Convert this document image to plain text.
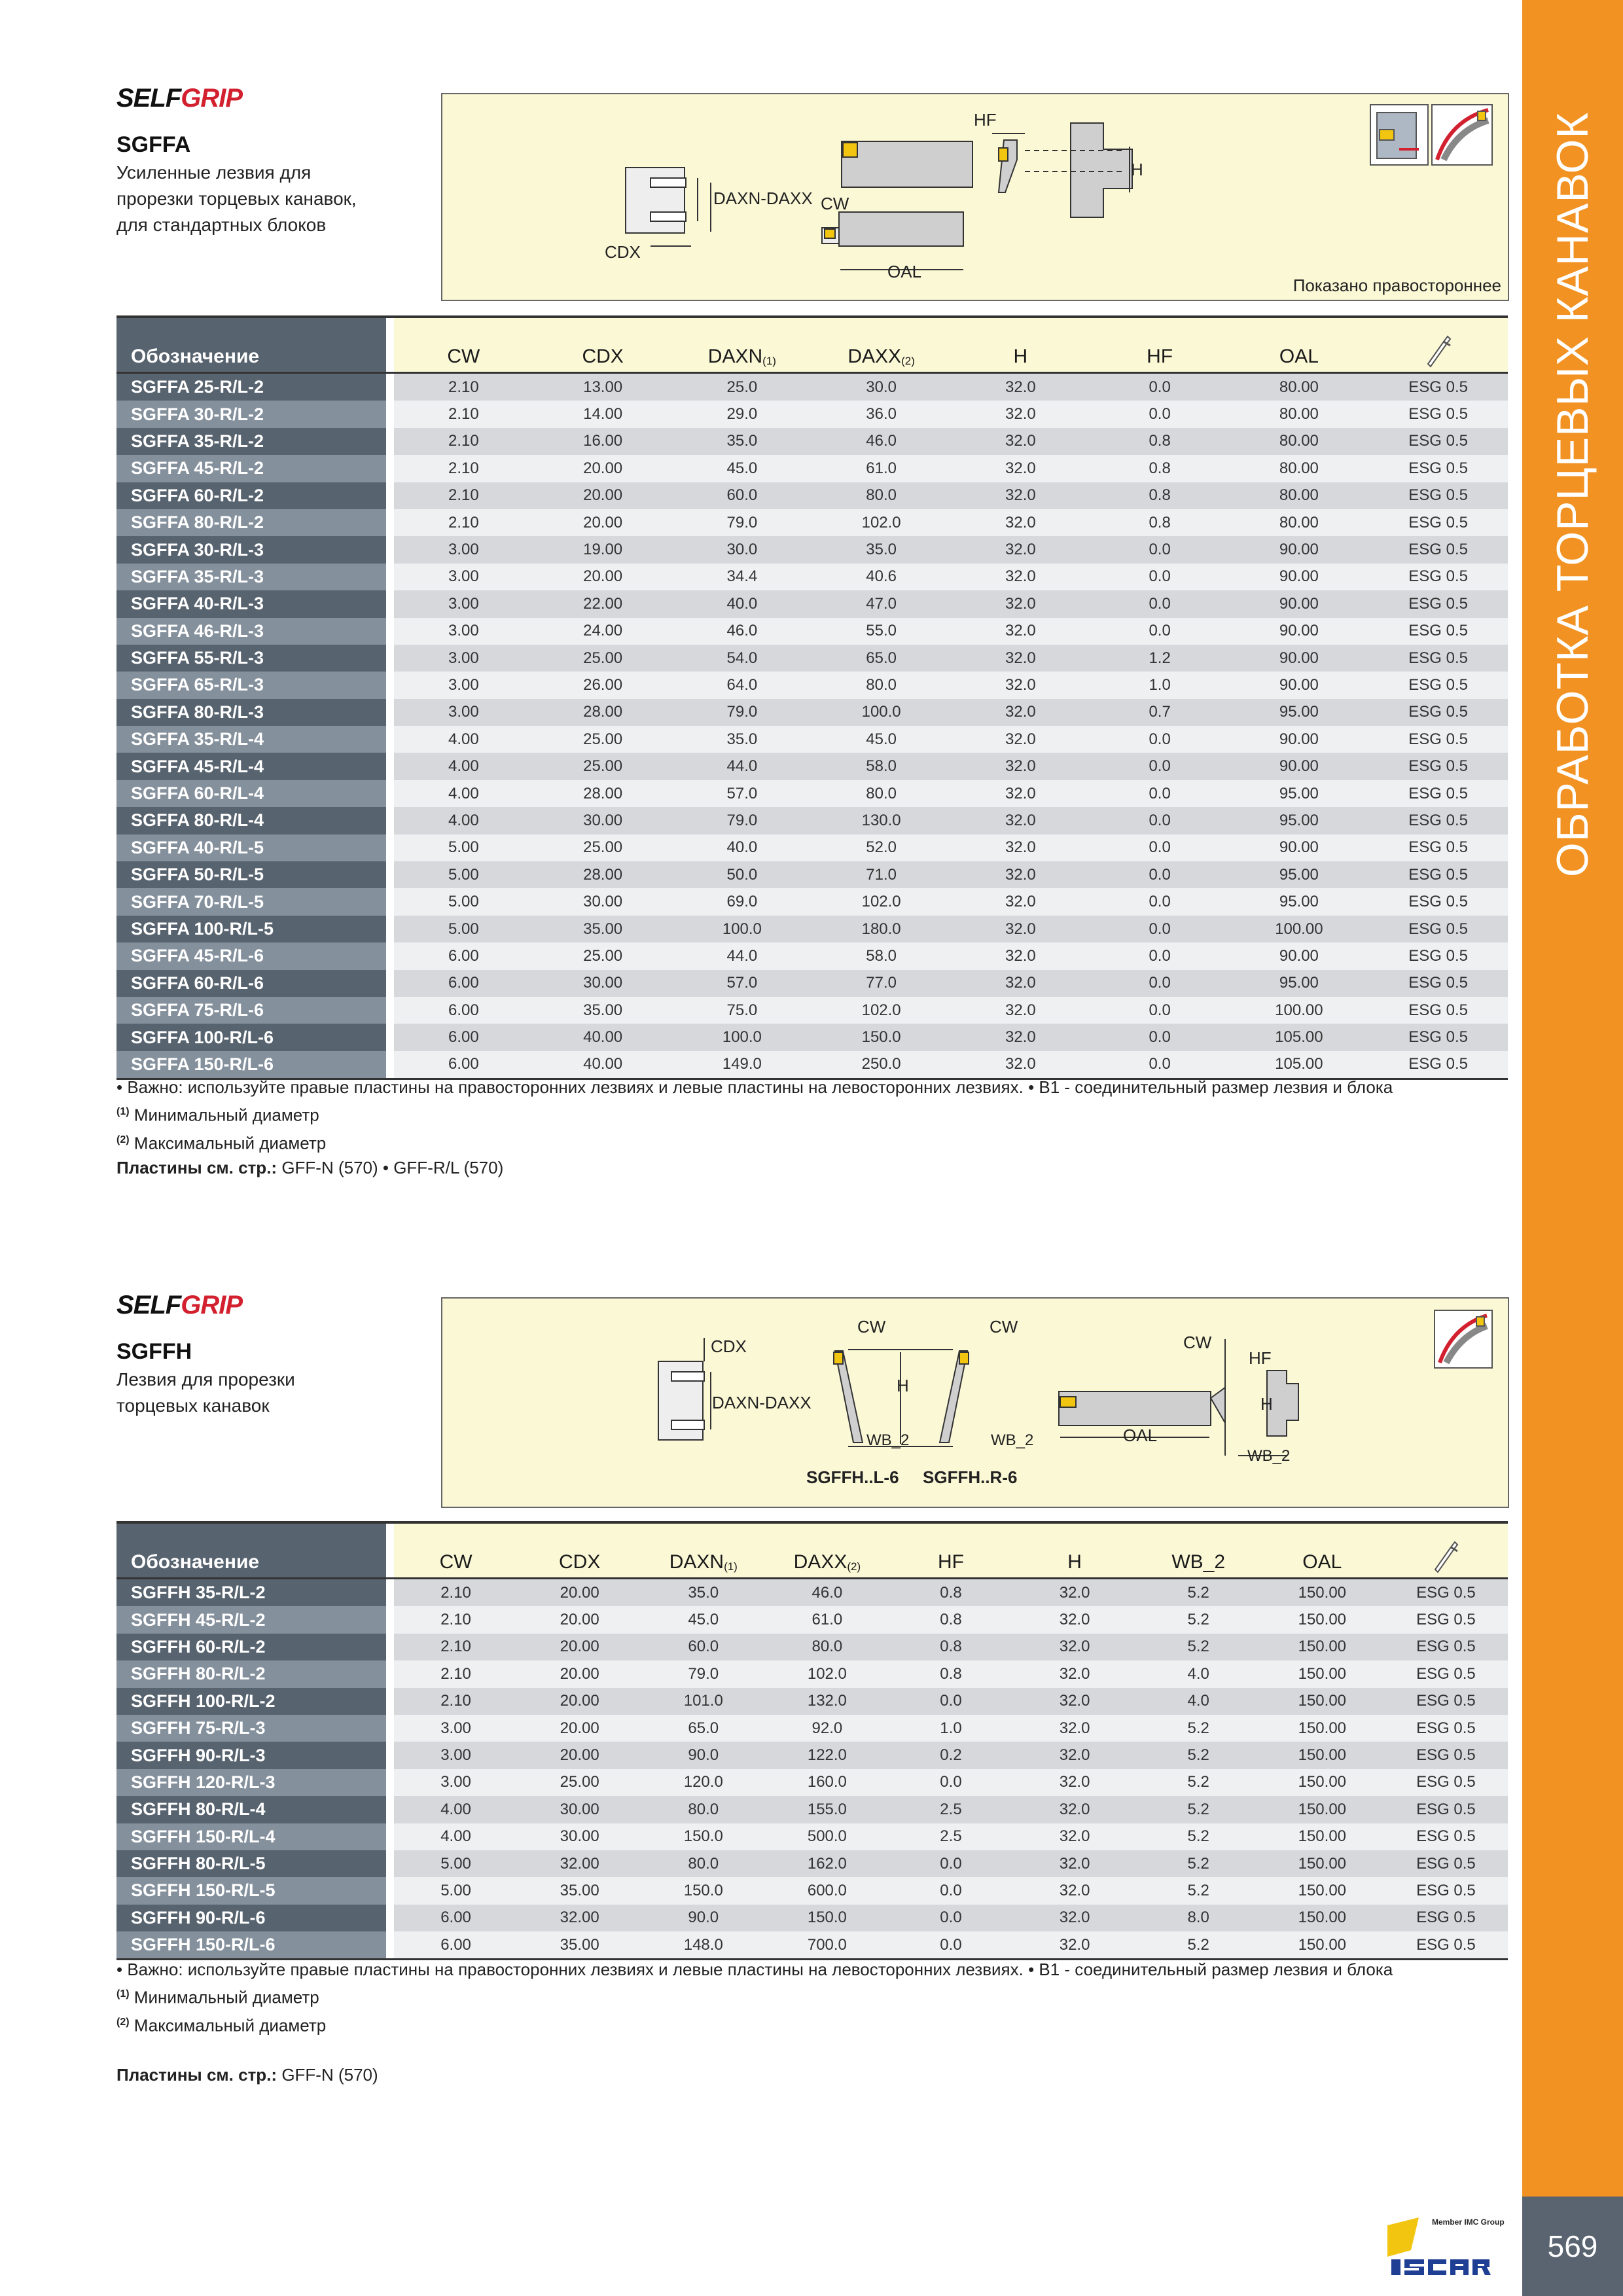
ОБРАБОТКА ТОРЦЕВЫХ КАНАВОК
569
Member IMC Group
SELFGRIP
SGFFA
Усиленные лезвия для
прорезки торцевых канавок,
для стандартных блоков
DAXN-DAXX
CDX
CW
OAL
HF
H
Показано правостороннее
Обозначение	CW	CDX	$DAXN_{(1)}$	$DAXX_{(2)}$	H	HF	OAL
SGFFA 25-R/L-2	2.10	13.00	25.0	30.0	32.0	0.0	80.00	ESG 0.5
SGFFA 30-R/L-2	2.10	14.00	29.0	36.0	32.0	0.0	80.00	ESG 0.5
SGFFA 35-R/L-2	2.10	16.00	35.0	46.0	32.0	0.8	80.00	ESG 0.5
SGFFA 45-R/L-2	2.10	20.00	45.0	61.0	32.0	0.8	80.00	ESG 0.5
SGFFA 60-R/L-2	2.10	20.00	60.0	80.0	32.0	0.8	80.00	ESG 0.5
SGFFA 80-R/L-2	2.10	20.00	79.0	102.0	32.0	0.8	80.00	ESG 0.5
SGFFA 30-R/L-3	3.00	19.00	30.0	35.0	32.0	0.0	90.00	ESG 0.5
SGFFA 35-R/L-3	3.00	20.00	34.4	40.6	32.0	0.0	90.00	ESG 0.5
SGFFA 40-R/L-3	3.00	22.00	40.0	47.0	32.0	0.0	90.00	ESG 0.5
SGFFA 46-R/L-3	3.00	24.00	46.0	55.0	32.0	0.0	90.00	ESG 0.5
SGFFA 55-R/L-3	3.00	25.00	54.0	65.0	32.0	1.2	90.00	ESG 0.5
SGFFA 65-R/L-3	3.00	26.00	64.0	80.0	32.0	1.0	90.00	ESG 0.5
SGFFA 80-R/L-3	3.00	28.00	79.0	100.0	32.0	0.7	95.00	ESG 0.5
SGFFA 35-R/L-4	4.00	25.00	35.0	45.0	32.0	0.0	90.00	ESG 0.5
SGFFA 45-R/L-4	4.00	25.00	44.0	58.0	32.0	0.0	90.00	ESG 0.5
SGFFA 60-R/L-4	4.00	28.00	57.0	80.0	32.0	0.0	95.00	ESG 0.5
SGFFA 80-R/L-4	4.00	30.00	79.0	130.0	32.0	0.0	95.00	ESG 0.5
SGFFA 40-R/L-5	5.00	25.00	40.0	52.0	32.0	0.0	90.00	ESG 0.5
SGFFA 50-R/L-5	5.00	28.00	50.0	71.0	32.0	0.0	95.00	ESG 0.5
SGFFA 70-R/L-5	5.00	30.00	69.0	102.0	32.0	0.0	95.00	ESG 0.5
SGFFA 100-R/L-5	5.00	35.00	100.0	180.0	32.0	0.0	100.00	ESG 0.5
SGFFA 45-R/L-6	6.00	25.00	44.0	58.0	32.0	0.0	90.00	ESG 0.5
SGFFA 60-R/L-6	6.00	30.00	57.0	77.0	32.0	0.0	95.00	ESG 0.5
SGFFA 75-R/L-6	6.00	35.00	75.0	102.0	32.0	0.0	100.00	ESG 0.5
SGFFA 100-R/L-6	6.00	40.00	100.0	150.0	32.0	0.0	105.00	ESG 0.5
SGFFA 150-R/L-6	6.00	40.00	149.0	250.0	32.0	0.0	105.00	ESG 0.5
• Важно: используйте правые пластины на правосторонних лезвиях и левые пластины на левосторонних лезвиях. • B1 - соединительный размер лезвия и блока
$^{(1)}$ Минимальный диаметр
$^{(2)}$ Максимальный диаметр
Пластины см. стр.: GFF-N (570) • GFF-R/L (570)
SELFGRIP
SGFFH
Лезвия для прорезки
торцевых канавок
CDX
DAXN-DAXX
CW	CW
H
WB_2	WB_2
SGFFH..L-6 SGFFH..R-6
CW
HF
H
OAL
WB_2
Обозначение	CW	CDX	$DAXN_{(1)}$	$DAXX_{(2)}$	HF	H	WB_2	OAL
SGFFH 35-R/L-2	2.10	20.00	35.0	46.0	0.8	32.0	5.2	150.00	ESG 0.5
SGFFH 45-R/L-2	2.10	20.00	45.0	61.0	0.8	32.0	5.2	150.00	ESG 0.5
SGFFH 60-R/L-2	2.10	20.00	60.0	80.0	0.8	32.0	5.2	150.00	ESG 0.5
SGFFH 80-R/L-2	2.10	20.00	79.0	102.0	0.8	32.0	4.0	150.00	ESG 0.5
SGFFH 100-R/L-2	2.10	20.00	101.0	132.0	0.0	32.0	4.0	150.00	ESG 0.5
SGFFH 75-R/L-3	3.00	20.00	65.0	92.0	1.0	32.0	5.2	150.00	ESG 0.5
SGFFH 90-R/L-3	3.00	20.00	90.0	122.0	0.2	32.0	5.2	150.00	ESG 0.5
SGFFH 120-R/L-3	3.00	25.00	120.0	160.0	0.0	32.0	5.2	150.00	ESG 0.5
SGFFH 80-R/L-4	4.00	30.00	80.0	155.0	2.5	32.0	5.2	150.00	ESG 0.5
SGFFH 150-R/L-4	4.00	30.00	150.0	500.0	2.5	32.0	5.2	150.00	ESG 0.5
SGFFH 80-R/L-5	5.00	32.00	80.0	162.0	0.0	32.0	5.2	150.00	ESG 0.5
SGFFH 150-R/L-5	5.00	35.00	150.0	600.0	0.0	32.0	5.2	150.00	ESG 0.5
SGFFH 90-R/L-6	6.00	32.00	90.0	150.0	0.0	32.0	8.0	150.00	ESG 0.5
SGFFH 150-R/L-6	6.00	35.00	148.0	700.0	0.0	32.0	5.2	150.00	ESG 0.5
• Важно: используйте правые пластины на правосторонних лезвиях и левые пластины на левосторонних лезвиях. • B1 - соединительный размер лезвия и блока
$^{(1)}$ Минимальный диаметр
$^{(2)}$ Максимальный диаметр
Пластины см. стр.: GFF-N (570)
